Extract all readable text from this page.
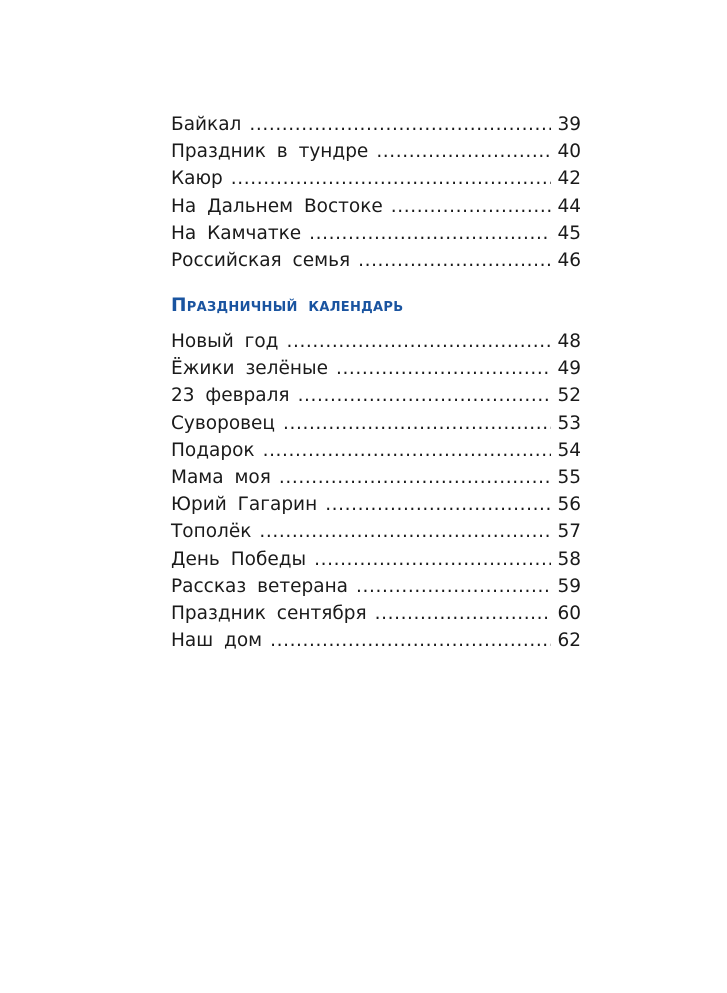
Байкал .....	39
Праздник в тундре .....	40
Каюр .....	42
На Дальнем Востоке .....	44
На Камчатке .....	45
Российская семья .....	46
Праздничный календарь
Новый год .....	48
Ёжики зелёные .....	49
23 февраля .....	52
Суворовец .....	53
Подарок .....	54
Мама моя .....	55
Юрий Гагарин .....	56
Тополёк .....	57
День Победы .....	58
Рассказ ветерана .....	59
Праздник сентября .....	60
Наш дом .....	62
